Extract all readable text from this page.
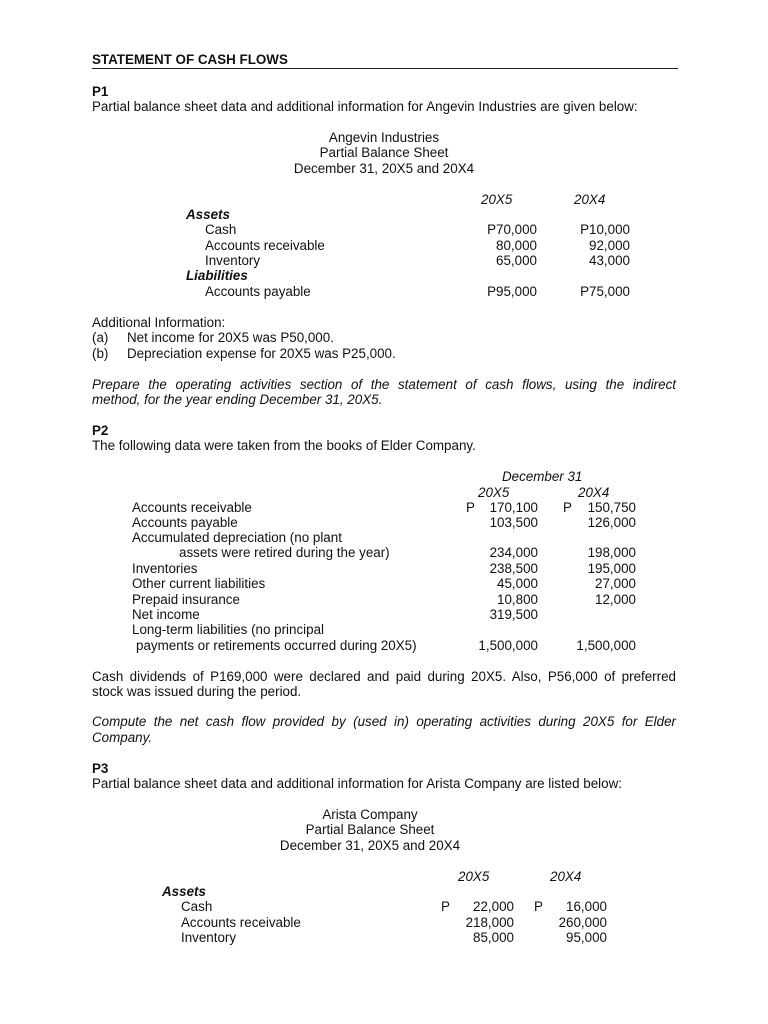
STATEMENT OF CASH FLOWS
P1
Partial balance sheet data and additional information for Angevin Industries are given below:
Angevin Industries
Partial Balance Sheet
December 31, 20X5 and 20X4
20X5	20X4
Assets
Cash	P70,000	P10,000
Accounts receivable	80,000	92,000
Inventory	65,000	43,000
Liabilities
Accounts payable	P95,000	P75,000
Additional Information:
(a) Net income for 20X5 was P50,000.
(b) Depreciation expense for 20X5 was P25,000.
Prepare the operating activities section of the statement of cash flows, using the indirect
method, for the year ending December 31, 20X5.
P2
The following data were taken from the books of Elder Company.
December 31
20X5	20X4
Accounts receivable	P	170,100 P	150,750
Accounts payable	103,500	126,000
Accumulated depreciation (no plant
assets were retired during the year)	234,000	198,000
Inventories	238,500	195,000
Other current liabilities	45,000	27,000
Prepaid insurance	10,800	12,000
Net income	319,500
Long-term liabilities (no principal
payments or retirements occurred during 20X5)	1,500,000	1,500,000
Cash dividends of P169,000 were declared and paid during 20X5. Also, P56,000 of preferred
stock was issued during the period.
Compute the net cash flow provided by (used in) operating activities during 20X5 for Elder
Company.
P3
Partial balance sheet data and additional information for Arista Company are listed below:
Arista Company
Partial Balance Sheet
December 31, 20X5 and 20X4
20X5	20X4
Assets
Cash	P	22,000 P	16,000
Accounts receivable	218,000	260,000
Inventory	85,000	95,000
